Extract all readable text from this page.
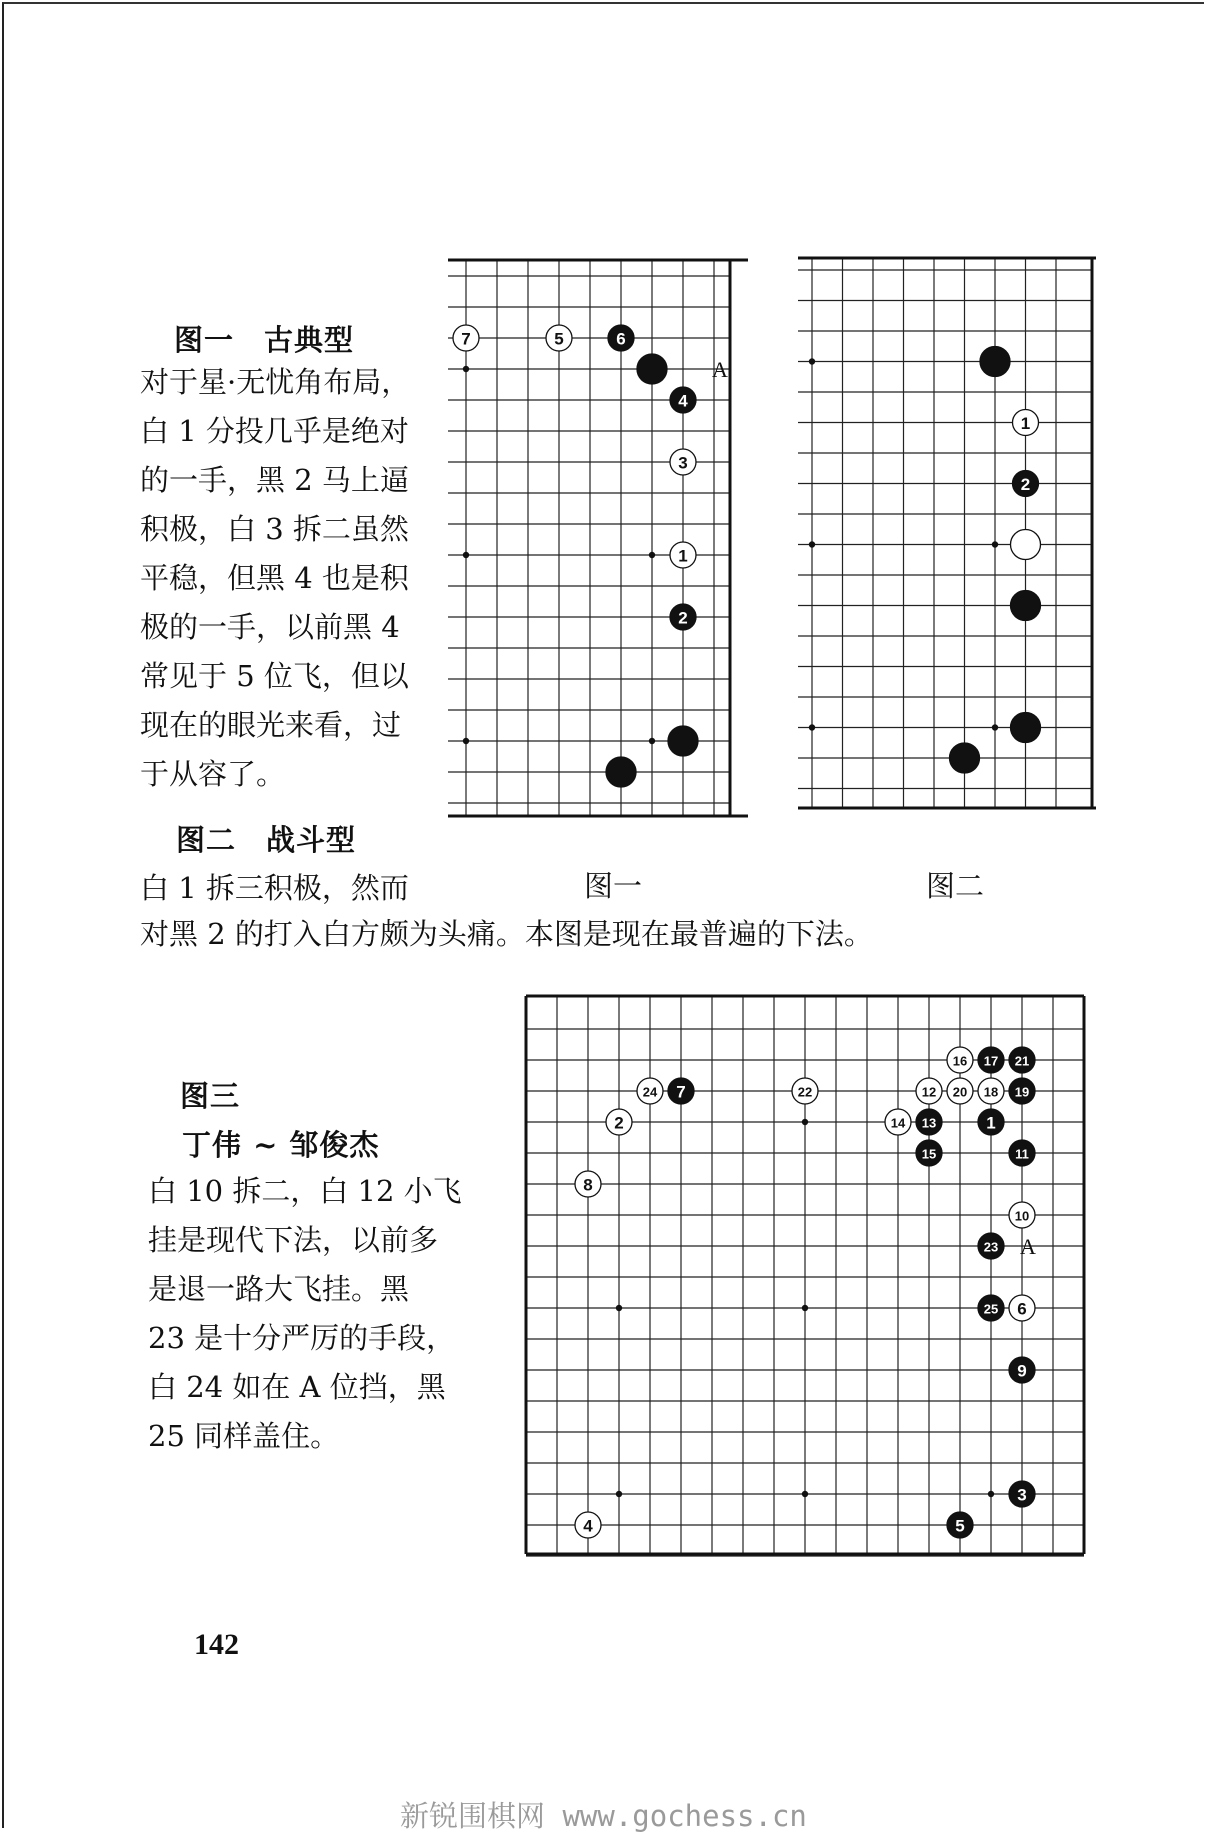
图一　古典型
对于星·无忧角布局，
白 1 分投几乎是绝对
的一手，黑 2 马上逼
积极，白 3 拆二虽然
平稳，但黑 4 也是积
极的一手，以前黑 4
常见于 5 位飞，但以
现在的眼光来看，过
于从容了。
图二　战斗型
白 1 拆三积极，然而
对黑 2 的打入白方颇为头痛。本图是现在最普遍的下法。
图一	图二
A
7	5	6
4
3
1
2
1
2
图三
丁伟 ~ 邹俊杰
白 10 拆二，白 12 小飞
挂是现代下法，以前多
是退一路大飞挂。黑
23 是十分严厉的手段，
白 24 如在 A 位挡，黑
25 同样盖住。
A
16 17 21
12 20 18 19
24 7	22
2	14 13	1
15	11
8
10
23
25 6
9
3
4	5
142
新锐围棋网 www.gochess.cn
